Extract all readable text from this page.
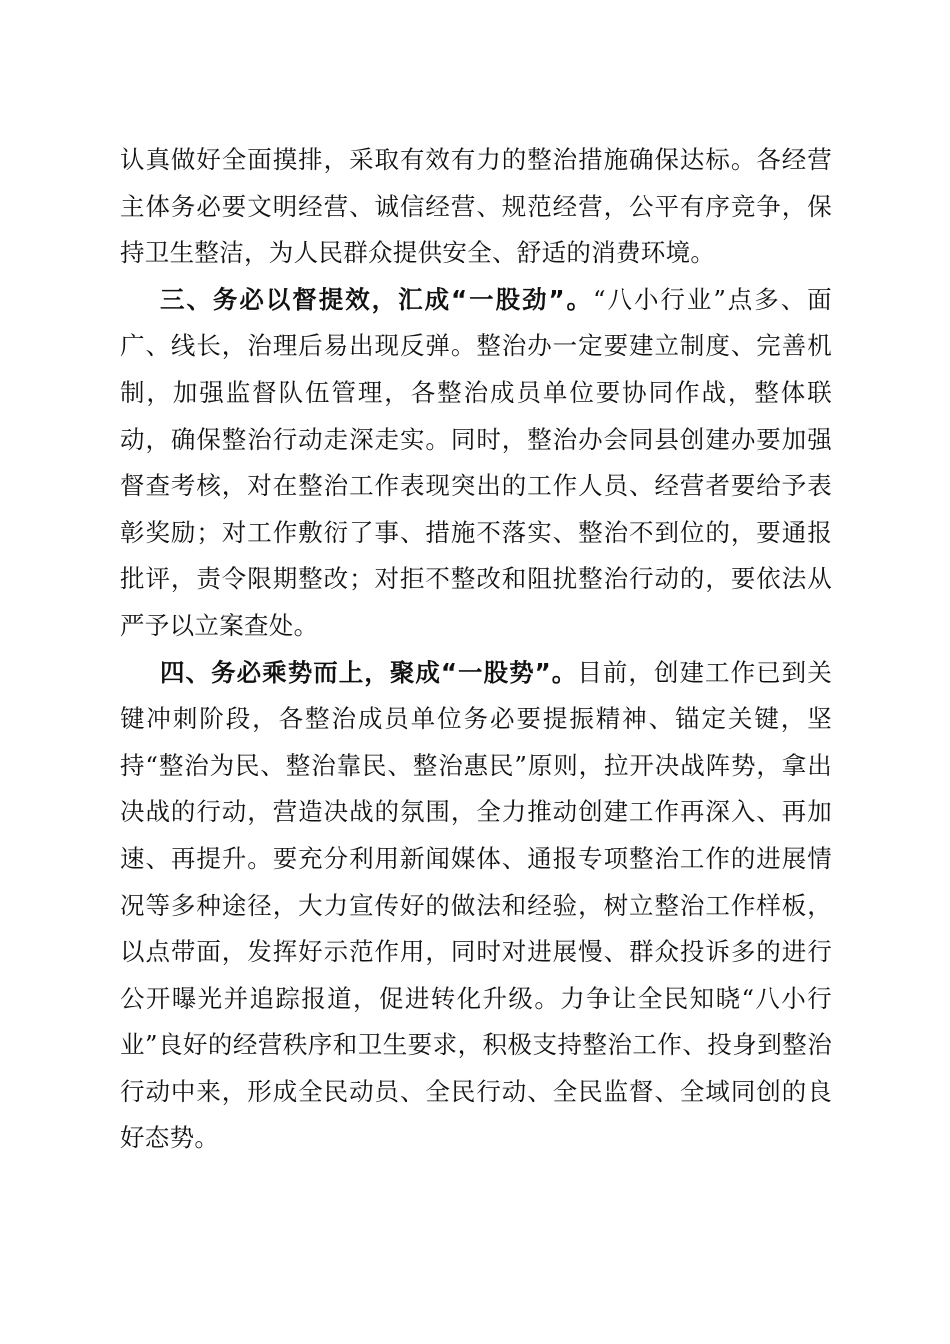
认真做好全面摸排，采取有效有力的整治措施确保达标。各经营主体务必要文明经营、诚信经营、规范经营，公平有序竞争，保持卫生整洁，为人民群众提供安全、舒适的消费环境。

三、务必以督提效，汇成“一股劲”。“八小行业”点多、面广、线长，治理后易出现反弹。整治办一定要建立制度、完善机制，加强监督队伍管理，各整治成员单位要协同作战，整体联动，确保整治行动走深走实。同时，整治办会同县创建办要加强督查考核，对在整治工作表现突出的工作人员、经营者要给予表彰奖励；对工作敷衍了事、措施不落实、整治不到位的，要通报批评，责令限期整改；对拒不整改和阻扰整治行动的，要依法从严予以立案查处。

四、务必乘势而上，聚成“一股势”。目前，创建工作已到关键冲刺阶段，各整治成员单位务必要提振精神、锚定关键，坚持“整治为民、整治靠民、整治惠民”原则，拉开决战阵势，拿出决战的行动，营造决战的氛围，全力推动创建工作再深入、再加速、再提升。要充分利用新闻媒体、通报专项整治工作的进展情况等多种途径，大力宣传好的做法和经验，树立整治工作样板，以点带面，发挥好示范作用，同时对进展慢、群众投诉多的进行公开曝光并追踪报道，促进转化升级。力争让全民知晓“八小行业”良好的经营秩序和卫生要求，积极支持整治工作、投身到整治行动中来，形成全民动员、全民行动、全民监督、全域同创的良好态势。
